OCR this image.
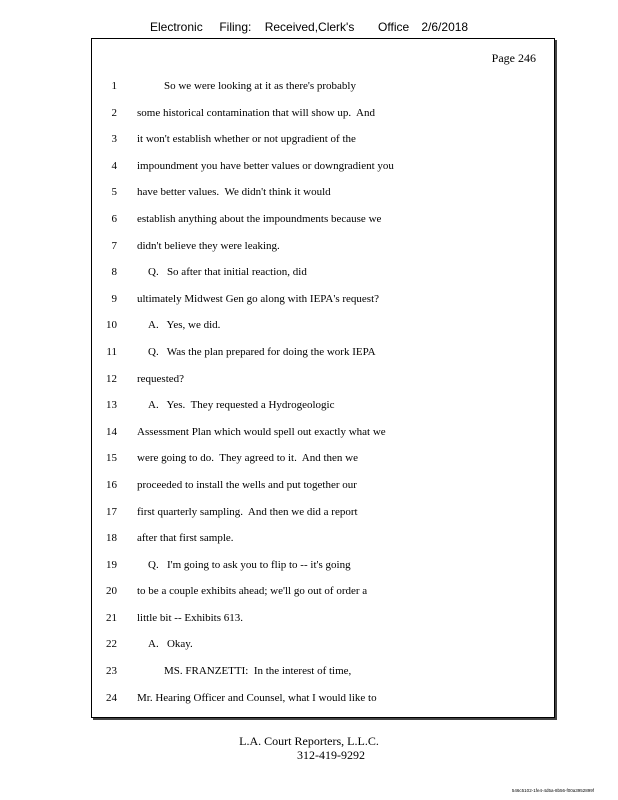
Electronic Filing: Received,Clerk's Office 2/6/2018
Page 246
1	So we were looking at it as there's probably
2 some historical contamination that will show up.  And
3 it won't establish whether or not upgradient of the
4 impoundment you have better values or downgradient you
5 have better values.  We didn't think it would
6 establish anything about the impoundments because we
7 didn't believe they were leaking.
8	Q.   So after that initial reaction, did
9 ultimately Midwest Gen go along with IEPA's request?
10	A.   Yes, we did.
11	Q.   Was the plan prepared for doing the work IEPA
12 requested?
13	A.   Yes.  They requested a Hydrogeologic
14 Assessment Plan which would spell out exactly what we
15 were going to do.  They agreed to it.  And then we
16 proceeded to install the wells and put together our
17 first quarterly sampling.  And then we did a report
18 after that first sample.
19	Q.   I'm going to ask you to flip to -- it's going
20 to be a couple exhibits ahead; we'll go out of order a
21 little bit -- Exhibits 613.
22	A.   Okay.
23	MS. FRANZETTI:  In the interest of time,
24 Mr. Hearing Officer and Counsel, what I would like to
L.A. Court Reporters, L.L.C.
312-419-9292
546c5102-1fe4-4d5a-8b56-f00a3952899f
